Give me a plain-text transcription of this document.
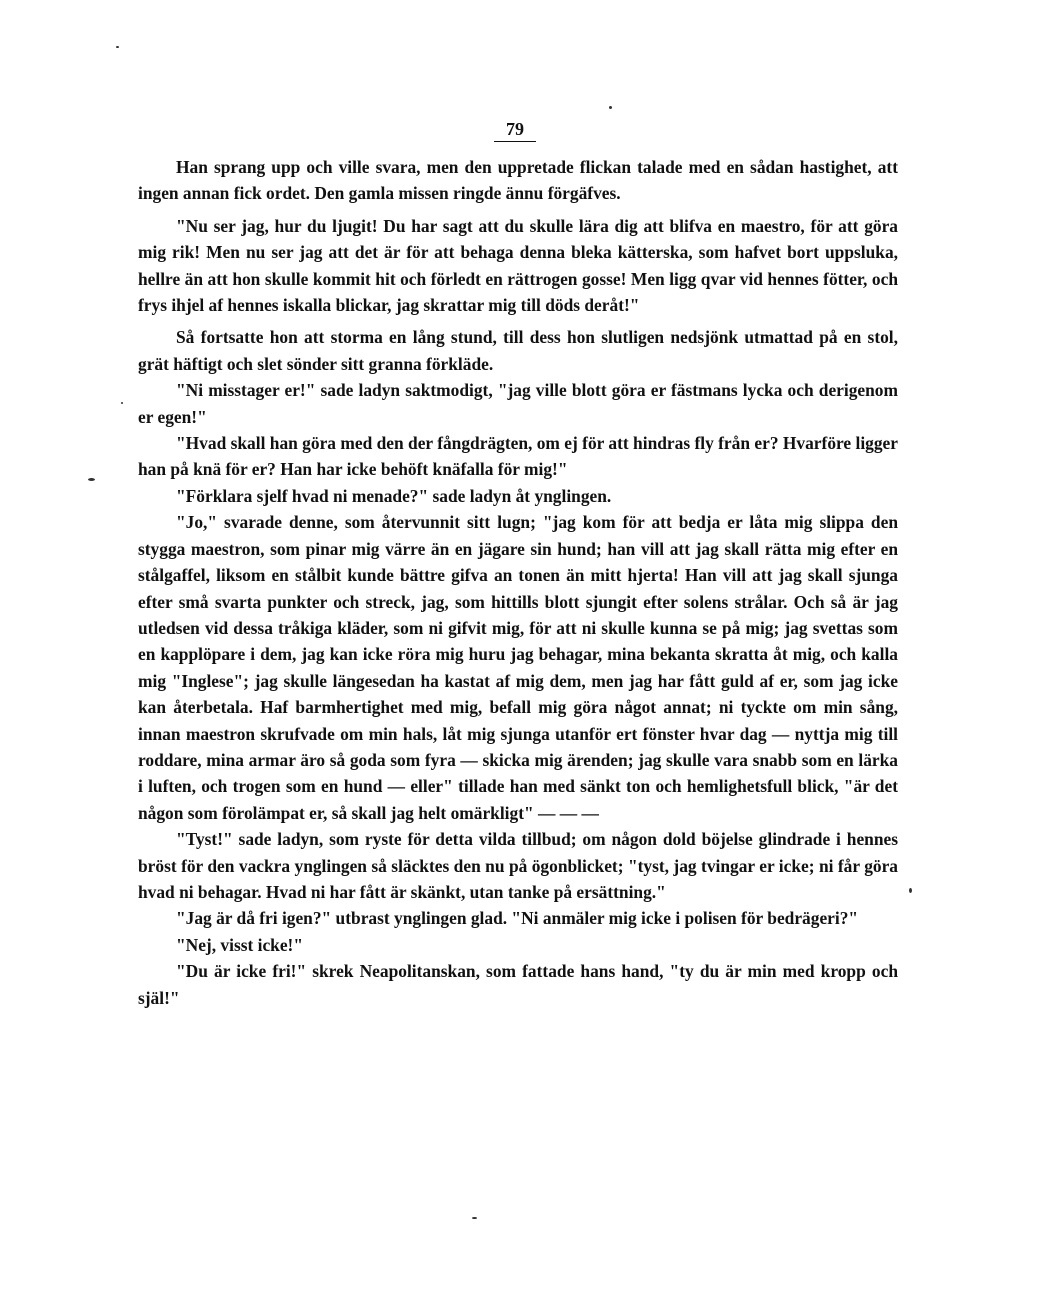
79

Han sprang upp och ville svara, men den uppretade flickan talade med en sådan hastighet, att ingen annan fick ordet. Den gamla missen ringde ännu förgäfves.

"Nu ser jag, hur du ljugit! Du har sagt att du skulle lära dig att blifva en maestro, för att göra mig rik! Men nu ser jag att det är för att behaga denna bleka kätterska, som hafvet bort uppsluka, hellre än att hon skulle kommit hit och förledt en rättrogen gosse! Men ligg qvar vid hennes fötter, och frys ihjel af hennes iskalla blickar, jag skrattar mig till döds deråt!"

Så fortsatte hon att storma en lång stund, till dess hon slutligen nedsjönk utmattad på en stol, grät häftigt och slet sönder sitt granna förkläde.

"Ni misstager er!" sade ladyn saktmodigt, "jag ville blott göra er fästmans lycka och derigenom er egen!"

"Hvad skall han göra med den der fångdrägten, om ej för att hindras fly från er? Hvarföre ligger han på knä för er? Han har icke behöft knäfalla för mig!"

"Förklara sjelf hvad ni menade?" sade ladyn åt ynglingen.

"Jo," svarade denne, som återvunnit sitt lugn; "jag kom för att bedja er låta mig slippa den stygga maestron, som pinar mig värre än en jägare sin hund; han vill att jag skall rätta mig efter en stålgaffel, liksom en stålbit kunde bättre gifva an tonen än mitt hjerta! Han vill att jag skall sjunga efter små svarta punkter och streck, jag, som hittills blott sjungit efter solens strålar. Och så är jag utledsen vid dessa tråkiga kläder, som ni gifvit mig, för att ni skulle kunna se på mig; jag svettas som en kapplöpare i dem, jag kan icke röra mig huru jag behagar, mina bekanta skratta åt mig, och kalla mig "Inglese"; jag skulle längesedan ha kastat af mig dem, men jag har fått guld af er, som jag icke kan återbetala. Haf barmhertighet med mig, befall mig göra något annat; ni tyckte om min sång, innan maestron skrufvade om min hals, låt mig sjunga utanför ert fönster hvar dag — nyttja mig till roddare, mina armar äro så goda som fyra — skicka mig ärenden; jag skulle vara snabb som en lärka i luften, och trogen som en hund — eller" tillade han med sänkt ton och hemlighetsfull blick, "är det någon som förolämpat er, så skall jag helt omärkligt" — — —

"Tyst!" sade ladyn, som ryste för detta vilda tillbud; om någon dold böjelse glindrade i hennes bröst för den vackra ynglingen så släcktes den nu på ögonblicket; "tyst, jag tvingar er icke; ni får göra hvad ni behagar. Hvad ni har fått är skänkt, utan tanke på ersättning."

"Jag är då fri igen?" utbrast ynglingen glad. "Ni anmäler mig icke i polisen för bedrägeri?"

"Nej, visst icke!"

"Du är icke fri!" skrek Neapolitanskan, som fattade hans hand, "ty du är min med kropp och själ!"
